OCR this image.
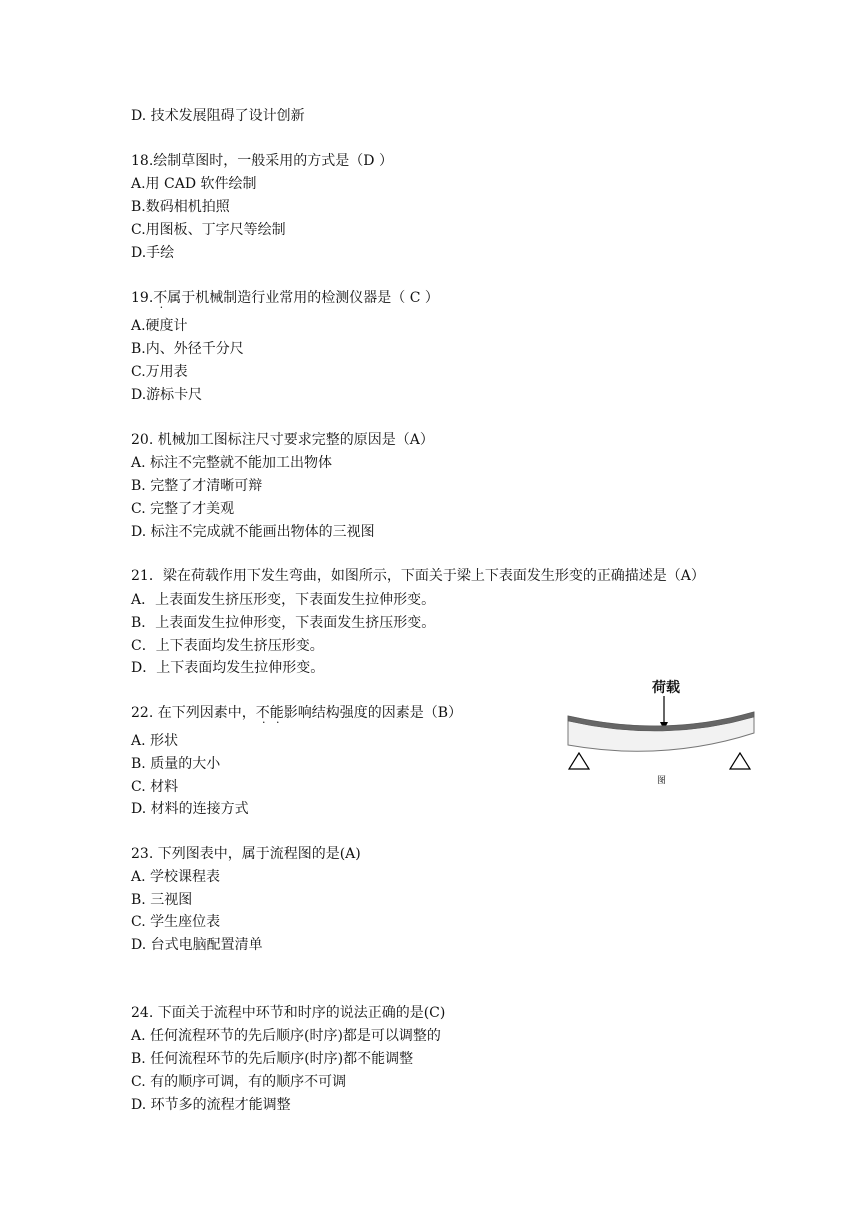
D. 技术发展阻碍了设计创新
18.绘制草图时，一般采用的方式是（D ）
A.用 CAD 软件绘制
B.数码相机拍照
C.用图板、丁字尺等绘制
D.手绘
19.不属于机械制造行业常用的检测仪器是（ C ）
A.硬度计
B.内、外径千分尺
C.万用表
D.游标卡尺
20. 机械加工图标注尺寸要求完整的原因是（A）
A. 标注不完整就不能加工出物体
B. 完整了才清晰可辩
C. 完整了才美观
D. 标注不完成就不能画出物体的三视图
21．梁在荷载作用下发生弯曲，如图所示，下面关于梁上下表面发生形变的正确描述是（A）
A．上表面发生挤压形变，下表面发生拉伸形变。
B．上表面发生拉伸形变，下表面发生挤压形变。
C．上下表面均发生挤压形变。
D．上下表面均发生拉伸形变。
22. 在下列因素中，不能影响结构强度的因素是（B）
A. 形状
B. 质量的大小
C. 材料
D. 材料的连接方式
荷载
图
23. 下列图表中，属于流程图的是(A)
A. 学校课程表
B. 三视图
C. 学生座位表
D. 台式电脑配置清单
24. 下面关于流程中环节和时序的说法正确的是(C)
A. 任何流程环节的先后顺序(时序)都是可以调整的
B. 任何流程环节的先后顺序(时序)都不能调整
C. 有的顺序可调，有的顺序不可调
D. 环节多的流程才能调整
